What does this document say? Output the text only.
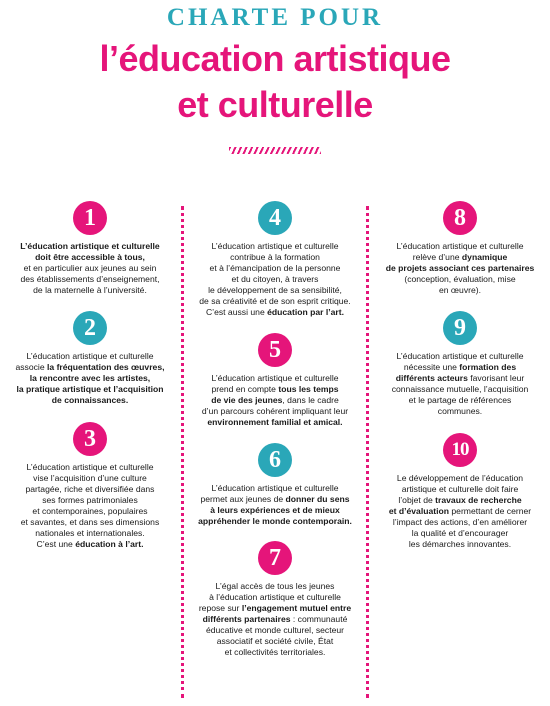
CHARTE POUR
l’éducation artistique
et culturelle
1
L’éducation artistique et culturelle
doit être accessible à tous,
et en particulier aux jeunes au sein
des établissements d’enseignement,
de la maternelle à l’université.
2
L’éducation artistique et culturelle
associe la fréquentation des œuvres,
la rencontre avec les artistes,
la pratique artistique et l’acquisition
de connaissances.
3
L’éducation artistique et culturelle
vise l’acquisition d’une culture
partagée, riche et diversifiée dans
ses formes patrimoniales
et contemporaines, populaires
et savantes, et dans ses dimensions
nationales et internationales.
C’est une éducation à l’art.
4
L’éducation artistique et culturelle
contribue à la formation
et à l’émancipation de la personne
et du citoyen, à travers
le développement de sa sensibilité,
de sa créativité et de son esprit critique.
C’est aussi une éducation par l’art.
5
L’éducation artistique et culturelle
prend en compte tous les temps
de vie des jeunes, dans le cadre
d’un parcours cohérent impliquant leur
environnement familial et amical.
6
L’éducation artistique et culturelle
permet aux jeunes de donner du sens
à leurs expériences et de mieux
appréhender le monde contemporain.
7
L’égal accès de tous les jeunes
à l’éducation artistique et culturelle
repose sur l’engagement mutuel entre
différents partenaires : communauté
éducative et monde culturel, secteur
associatif et société civile, État
et collectivités territoriales.
8
L’éducation artistique et culturelle
relève d’une dynamique
de projets associant ces partenaires
(conception, évaluation, mise
en œuvre).
9
L’éducation artistique et culturelle
nécessite une formation des
différents acteurs favorisant leur
connaissance mutuelle, l’acquisition
et le partage de références
communes.
10
Le développement de l’éducation
artistique et culturelle doit faire
l’objet de travaux de recherche
et d’évaluation permettant de cerner
l’impact des actions, d’en améliorer
la qualité et d’encourager
les démarches innovantes.
